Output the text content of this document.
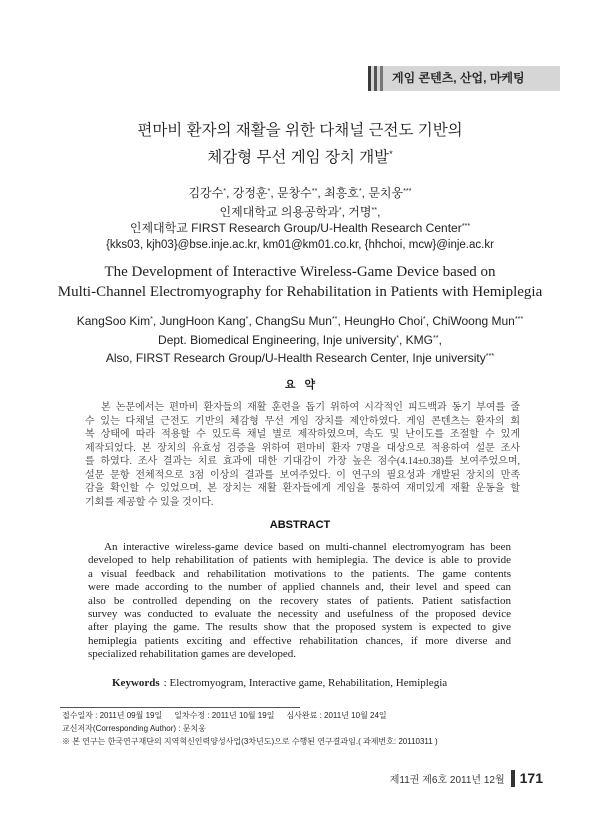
게임 콘텐츠, 산업, 마케팅
편마비 환자의 재활을 위한 다채널 근전도 기반의
체감형 무선 게임 장치 개발*
김강수*, 강정훈*, 문창수**, 최흥호*, 문치웅***
인제대학교 의용공학과*, 거명**,
인제대학교 FIRST Research Group/U-Health Research Center***
{kks03, kjh03}@bse.inje.ac.kr, km01@km01.co.kr, {hhchoi, mcw}@inje.ac.kr
The Development of Interactive Wireless-Game Device based on
Multi-Channel Electromyography for Rehabilitation in Patients with Hemiplegia
KangSoo Kim*, JungHoon Kang*, ChangSu Mun**, HeungHo Choi*, ChiWoong Mun***
Dept. Biomedical Engineering, Inje university*, KMG**,
Also, FIRST Research Group/U-Health Research Center, Inje university***
요 약
본 논문에서는 편마비 환자들의 재활 훈련을 돕기 위하여 시각적인 피드백과 동기 부여를 줄
수 있는 다채널 근전도 기반의 체감형 무선 게임 장치를 제안하였다. 게임 콘텐츠는 환자의 회
복 상태에 따라 적용할 수 있도록 채널 별로 제작하였으며, 속도 및 난이도를 조절할 수 있게
제작되었다. 본 장치의 유효성 검증을 위하여 편마비 환자 7명을 대상으로 적용하여 설문 조사
를 하였다. 조사 결과는 치료 효과에 대한 기대감이 가장 높은 점수(4.14±0.38)를 보여주었으며,
설문 문항 전체적으로 3점 이상의 결과를 보여주었다. 이 연구의 필요성과 개발된 장치의 만족
감을 확인할 수 있었으며, 본 장치는 재활 환자들에게 게임을 통하여 재미있게 재활 운동을 할
기회를 제공할 수 있을 것이다.
ABSTRACT
An interactive wireless-game device based on multi-channel electromyogram has been
developed to help rehabilitation of patients with hemiplegia. The device is able to provide
a visual feedback and rehabilitation motivations to the patients. The game contents
were made according to the number of applied channels and, their level and speed can
also be controlled depending on the recovery states of patients. Patient satisfaction
survey was conducted to evaluate the necessity and usefulness of the proposed device
after playing the game. The results show that the proposed system is expected to give
hemiplegia patients exciting and effective rehabilitation chances, if more diverse and
specialized rehabilitation games are developed.
Keywords : Electromyogram, Interactive game, Rehabilitation, Hemiplegia
접수일자 : 2011년 09월 19일 일차수정 : 2011년 10월 19일 심사완료 : 2011년 10월 24일
교신저자(Corresponding Author) : 문치웅
※ 본 연구는 한국연구재단의 지역혁신인력양성사업(3차년도)으로 수행된 연구결과임.( 과제번호: 20110311 )
제11권 제6호 2011년 12월 171
